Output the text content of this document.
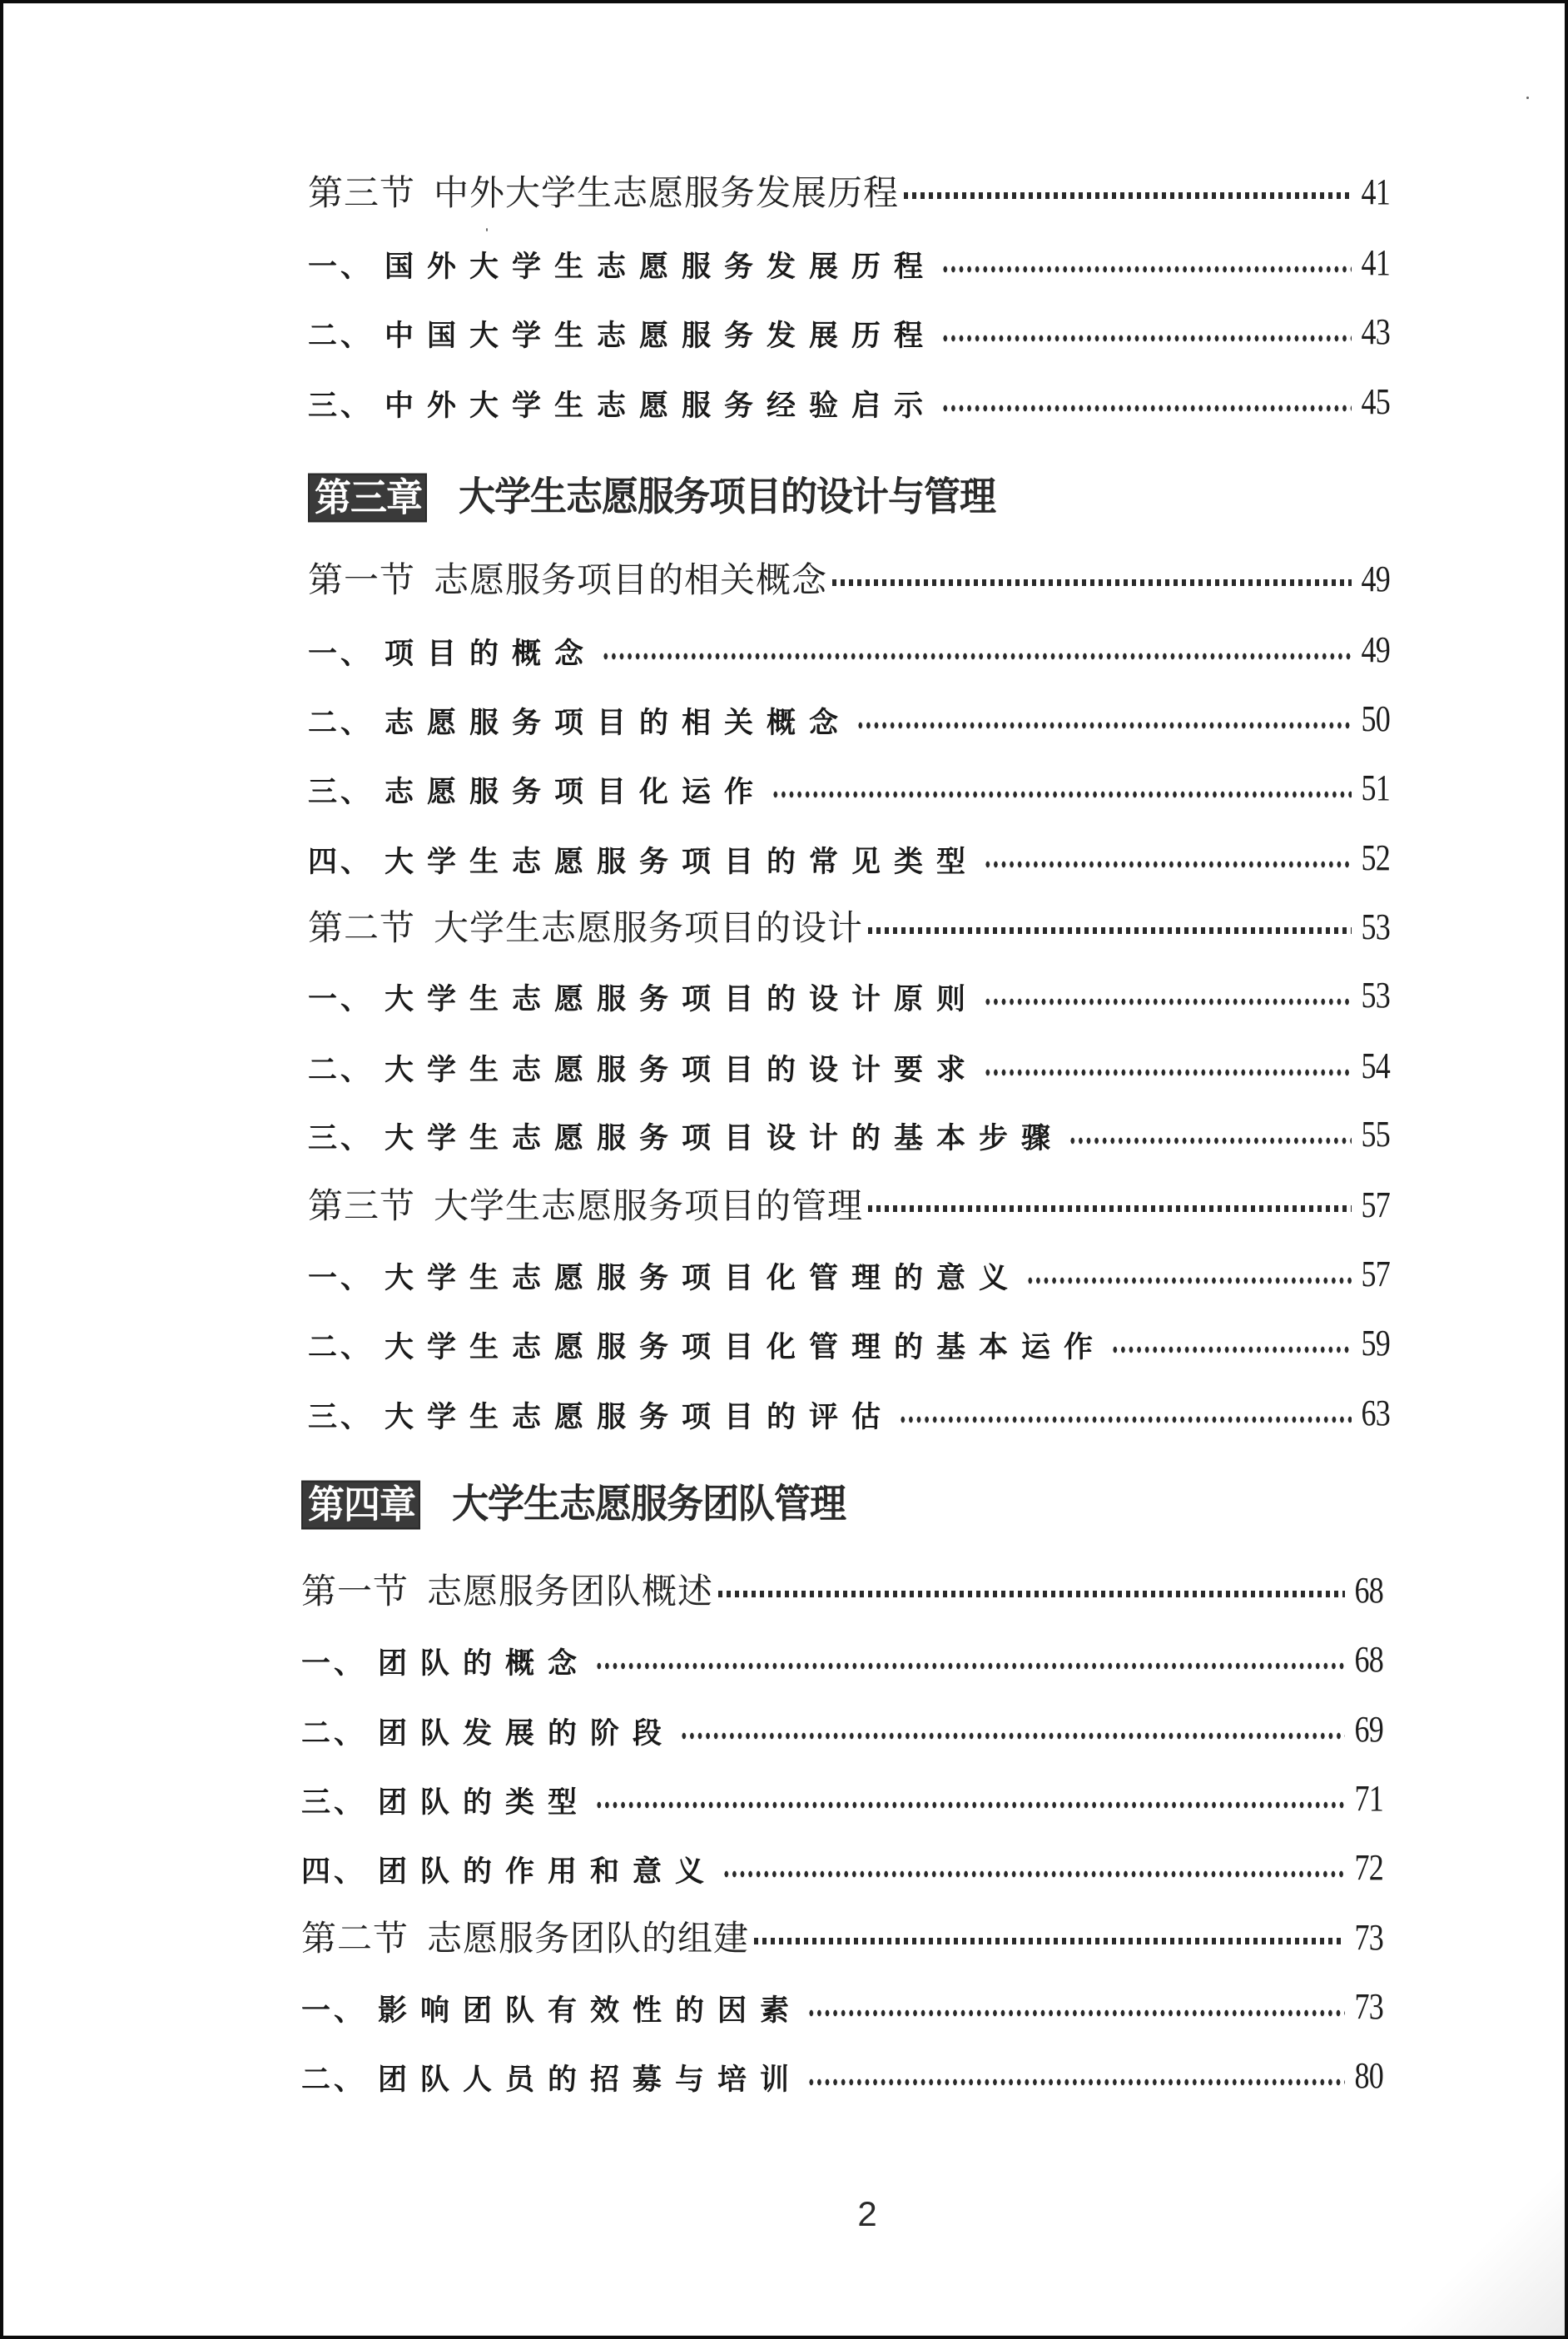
第三节 中外大学生志愿服务发展历程	41
一、 国外大学生志愿服务发展历程	41
二、 中国大学生志愿服务发展历程	43
三、 中外大学生志愿服务经验启示	45
第三章 大学生志愿服务项目的设计与管理
第一节 志愿服务项目的相关概念	49
一、 项目的概念	49
二、 志愿服务项目的相关概念	50
三、 志愿服务项目化运作	51
四、 大学生志愿服务项目的常见类型	52
第二节 大学生志愿服务项目的设计	53
一、 大学生志愿服务项目的设计原则	53
二、 大学生志愿服务项目的设计要求	54
三、 大学生志愿服务项目设计的基本步骤	55
第三节 大学生志愿服务项目的管理	57
一、 大学生志愿服务项目化管理的意义	57
二、 大学生志愿服务项目化管理的基本运作	59
三、 大学生志愿服务项目的评估	63
第四章 大学生志愿服务团队管理
第一节 志愿服务团队概述	68
一、 团队的概念	68
二、 团队发展的阶段	69
三、 团队的类型	71
四、 团队的作用和意义	72
第二节 志愿服务团队的组建	73
一、 影响团队有效性的因素	73
二、 团队人员的招募与培训	80
2
